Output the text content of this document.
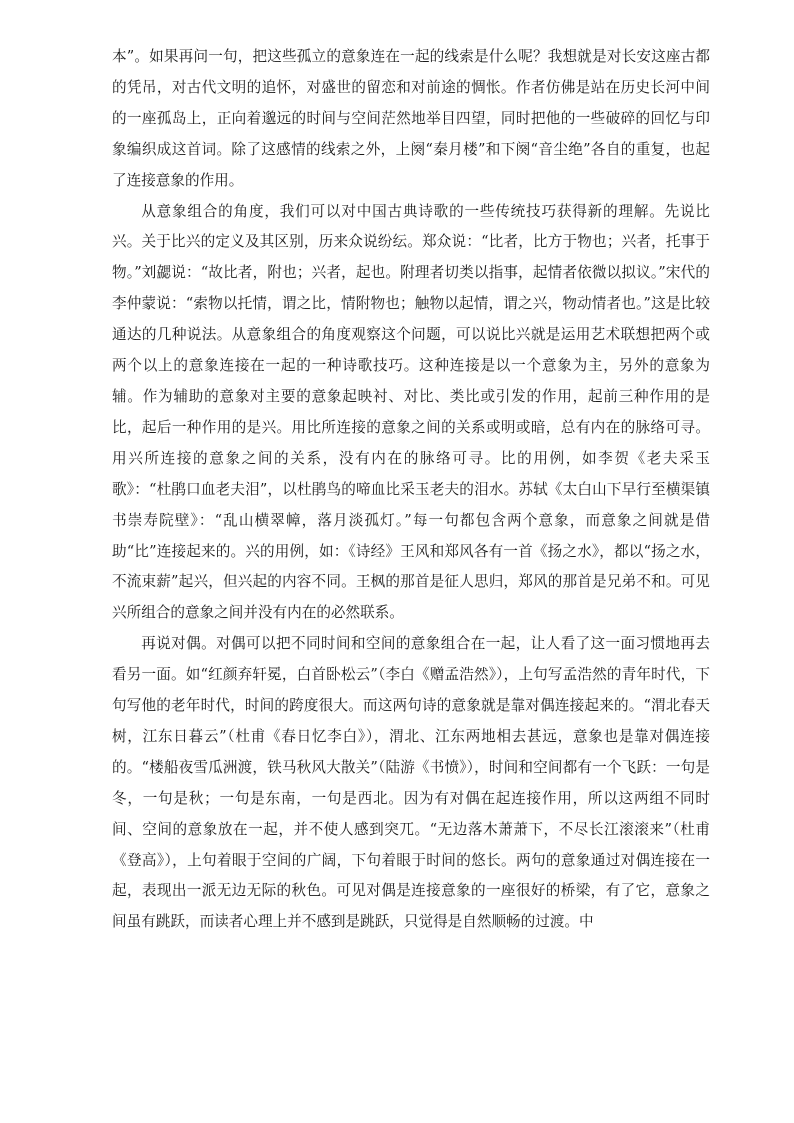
本”。如果再问一句，把这些孤立的意象连在一起的线索是什么呢？我想就是对长安这座古都的凭吊，对古代文明的追怀，对盛世的留恋和对前途的惆怅。作者仿佛是站在历史长河中间的一座孤岛上，正向着邈远的时间与空间茫然地举目四望，同时把他的一些破碎的回忆与印象编织成这首词。除了这感情的线索之外，上阕“秦月楼”和下阕“音尘绝”各自的重复，也起了连接意象的作用。

从意象组合的角度，我们可以对中国古典诗歌的一些传统技巧获得新的理解。先说比兴。关于比兴的定义及其区别，历来众说纷纭。郑众说：“比者，比方于物也；兴者，托事于物。”刘勰说：“故比者，附也；兴者，起也。附理者切类以指事，起情者依微以拟议。”宋代的李仲蒙说：“索物以托情，谓之比，情附物也；触物以起情，谓之兴，物动情者也。”这是比较通达的几种说法。从意象组合的角度观察这个问题，可以说比兴就是运用艺术联想把两个或两个以上的意象连接在一起的一种诗歌技巧。这种连接是以一个意象为主，另外的意象为辅。作为辅助的意象对主要的意象起映衬、对比、类比或引发的作用，起前三种作用的是比，起后一种作用的是兴。用比所连接的意象之间的关系或明或暗，总有内在的脉络可寻。用兴所连接的意象之间的关系，没有内在的脉络可寻。比的用例，如李贺《老夫采玉歌》：“杜鹃口血老夫泪”，以杜鹃鸟的啼血比采玉老夫的泪水。苏轼《太白山下早行至横渠镇书崇寿院壁》：“乱山横翠幛，落月淡孤灯。”每一句都包含两个意象，而意象之间就是借助“比”连接起来的。兴的用例，如：《诗经》王风和郑风各有一首《扬之水》，都以“扬之水，不流束薪”起兴，但兴起的内容不同。王枫的那首是征人思归，郑风的那首是兄弟不和。可见兴所组合的意象之间并没有内在的必然联系。

再说对偶。对偶可以把不同时间和空间的意象组合在一起，让人看了这一面习惯地再去看另一面。如“红颜弃轩冕，白首卧松云”（李白《赠孟浩然》），上句写孟浩然的青年时代，下句写他的老年时代，时间的跨度很大。而这两句诗的意象就是靠对偶连接起来的。“渭北春天树，江东日暮云”（杜甫《春日忆李白》），渭北、江东两地相去甚远，意象也是靠对偶连接的。“楼船夜雪瓜洲渡，铁马秋风大散关”（陆游《书愤》），时间和空间都有一个飞跃：一句是冬，一句是秋；一句是东南，一句是西北。因为有对偶在起连接作用，所以这两组不同时间、空间的意象放在一起，并不使人感到突兀。“无边落木萧萧下，不尽长江滚滚来”（杜甫《登高》），上句着眼于空间的广阔，下句着眼于时间的悠长。两句的意象通过对偶连接在一起，表现出一派无边无际的秋色。可见对偶是连接意象的一座很好的桥梁，有了它，意象之间虽有跳跃，而读者心理上并不感到是跳跃，只觉得是自然顺畅的过渡。中
